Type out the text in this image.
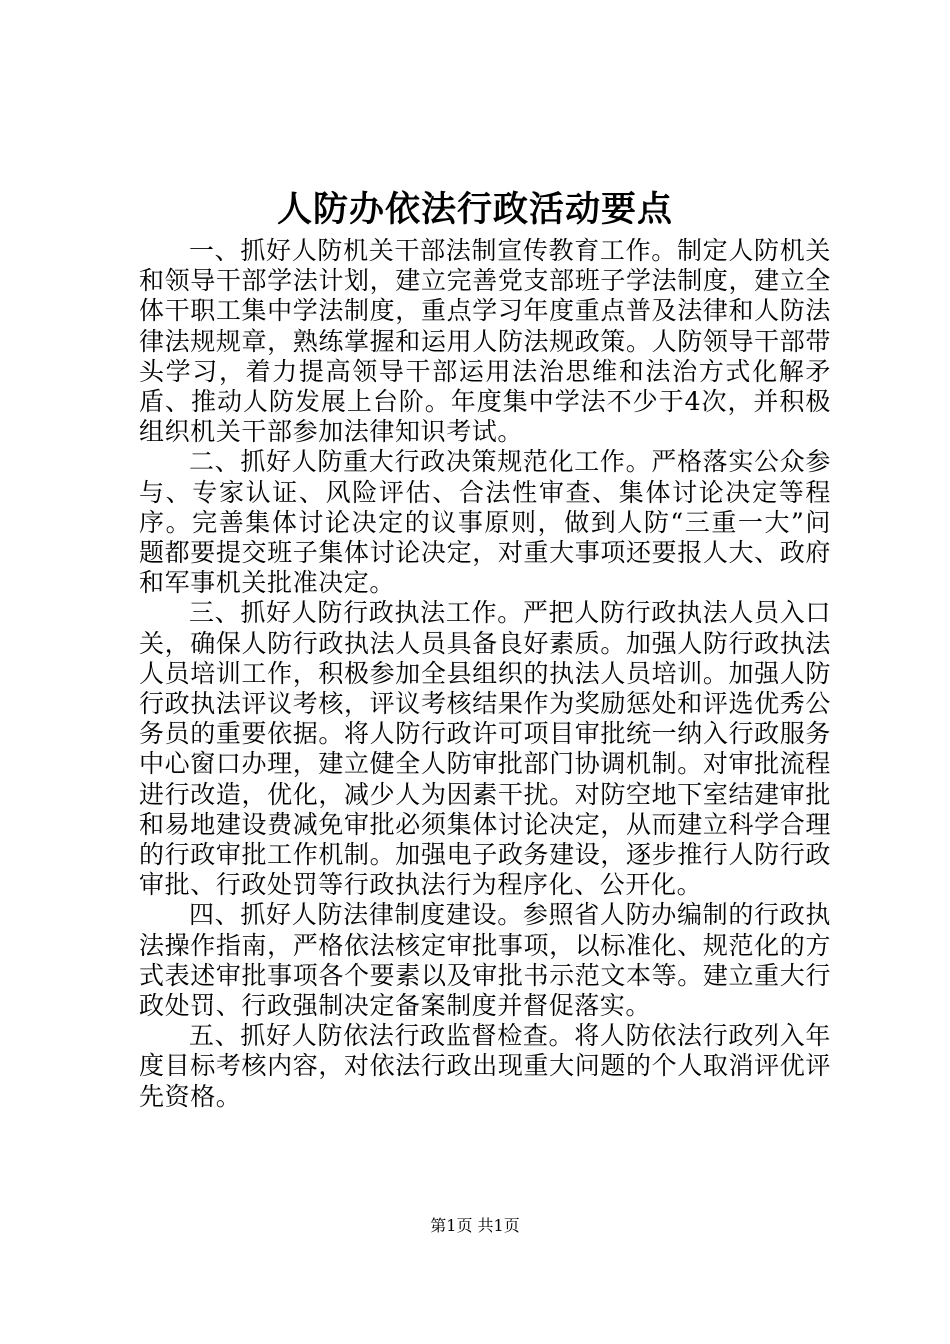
人防办依法行政活动要点

一、抓好人防机关干部法制宣传教育工作。制定人防机关和领导干部学法计划，建立完善党支部班子学法制度，建立全体干职工集中学法制度，重点学习年度重点普及法律和人防法律法规规章，熟练掌握和运用人防法规政策。人防领导干部带头学习，着力提高领导干部运用法治思维和法治方式化解矛盾、推动人防发展上台阶。年度集中学法不少于4次，并积极组织机关干部参加法律知识考试。

二、抓好人防重大行政决策规范化工作。严格落实公众参与、专家认证、风险评估、合法性审查、集体讨论决定等程序。完善集体讨论决定的议事原则，做到人防“三重一大”问题都要提交班子集体讨论决定，对重大事项还要报人大、政府和军事机关批准决定。

三、抓好人防行政执法工作。严把人防行政执法人员入口关，确保人防行政执法人员具备良好素质。加强人防行政执法人员培训工作，积极参加全县组织的执法人员培训。加强人防行政执法评议考核，评议考核结果作为奖励惩处和评选优秀公务员的重要依据。将人防行政许可项目审批统一纳入行政服务中心窗口办理，建立健全人防审批部门协调机制。对审批流程进行改造，优化，减少人为因素干扰。对防空地下室结建审批和易地建设费减免审批必须集体讨论决定，从而建立科学合理的行政审批工作机制。加强电子政务建设，逐步推行人防行政审批、行政处罚等行政执法行为程序化、公开化。

四、抓好人防法律制度建设。参照省人防办编制的行政执法操作指南，严格依法核定审批事项，以标准化、规范化的方式表述审批事项各个要素以及审批书示范文本等。建立重大行政处罚、行政强制决定备案制度并督促落实。

五、抓好人防依法行政监督检查。将人防依法行政列入年度目标考核内容，对依法行政出现重大问题的个人取消评优评先资格。

第1页 共1页
